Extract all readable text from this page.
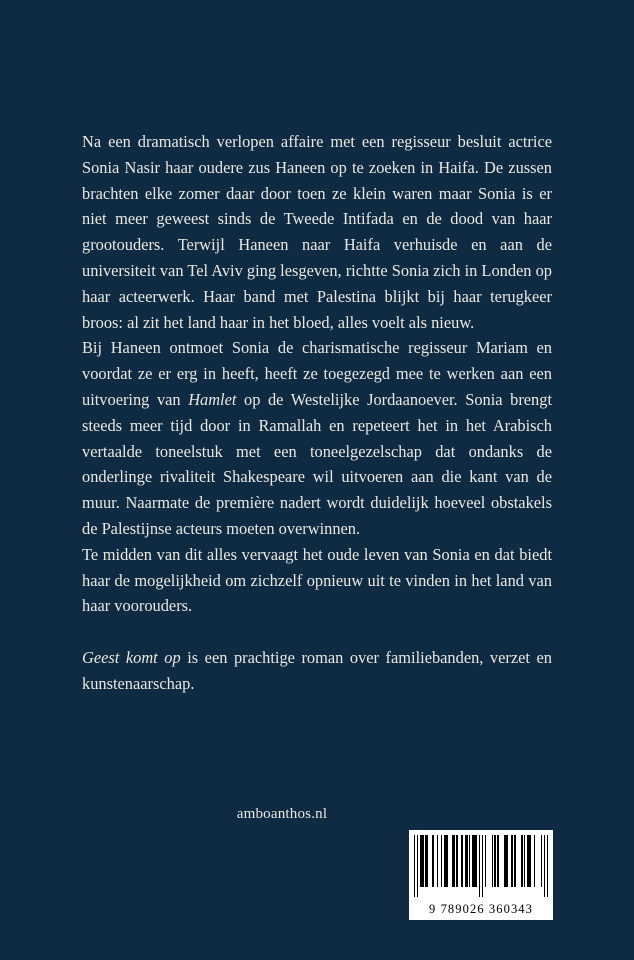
Na een dramatisch verlopen affaire met een regisseur besluit actrice Sonia Nasir haar oudere zus Haneen op te zoeken in Haifa. De zussen brachten elke zomer daar door toen ze klein waren maar Sonia is er niet meer geweest sinds de Tweede Intifada en de dood van haar grootouders. Terwijl Haneen naar Haifa verhuisde en aan de universiteit van Tel Aviv ging lesgeven, richtte Sonia zich in Londen op haar acteerwerk. Haar band met Palestina blijkt bij haar terugkeer broos: al zit het land haar in het bloed, alles voelt als nieuw.

Bij Haneen ontmoet Sonia de charismatische regisseur Mariam en voordat ze er erg in heeft, heeft ze toegezegd mee te werken aan een uitvoering van Hamlet op de Westelijke Jordaanoever. Sonia brengt steeds meer tijd door in Ramallah en repeteert het in het Arabisch vertaalde toneelstuk met een toneelgezelschap dat ondanks de onderlinge rivaliteit Shakespeare wil uitvoeren aan die kant van de muur. Naarmate de première nadert wordt duidelijk hoeveel obstakels de Palestijnse acteurs moeten overwinnen.

Te midden van dit alles vervaagt het oude leven van Sonia en dat biedt haar de mogelijkheid om zichzelf opnieuw uit te vinden in het land van haar voorouders.

Geest komt op is een prachtige roman over familiebanden, verzet en kunstenaarschap.

amboanthos.nl
9 789026 360343
